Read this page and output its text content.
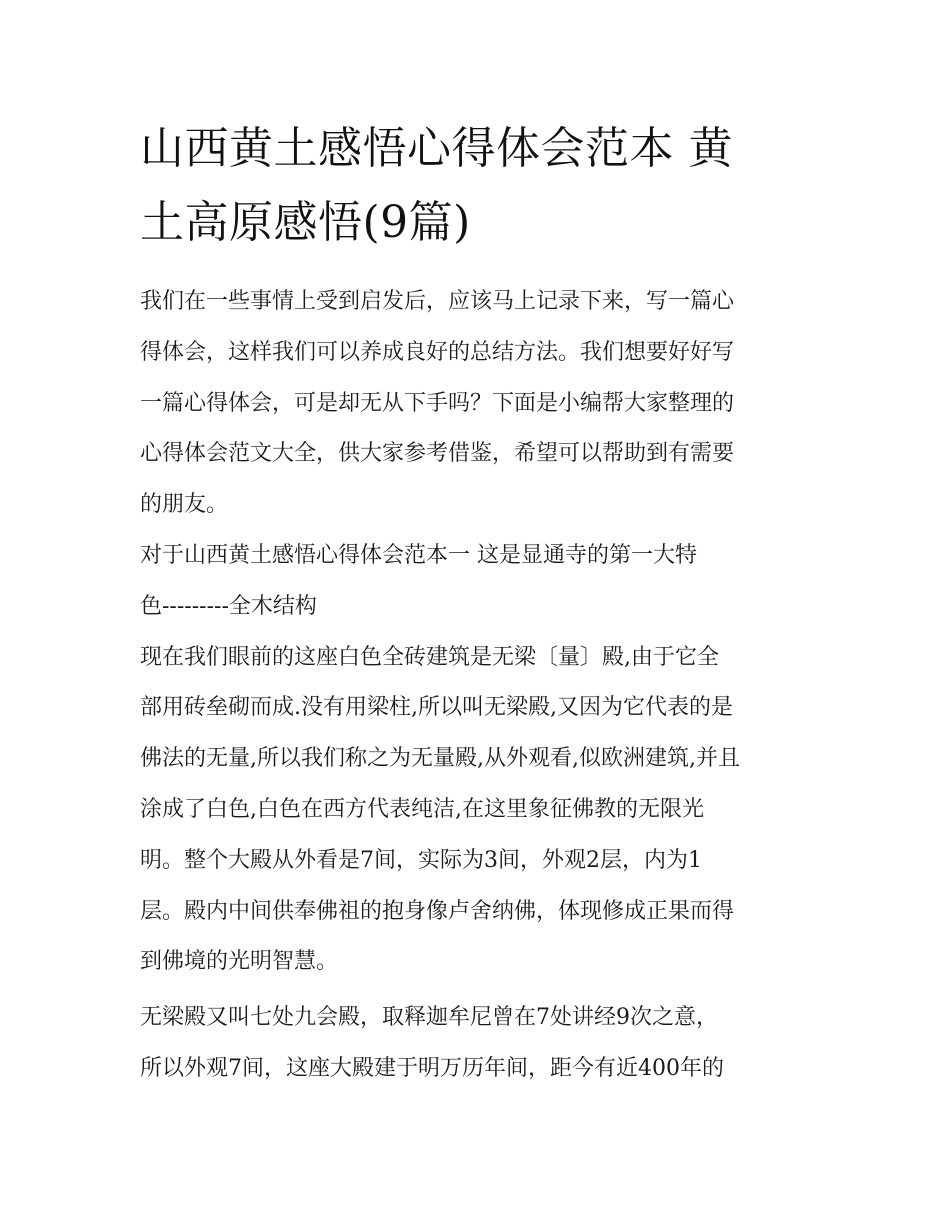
山西黄土感悟心得体会范本 黄
土高原感悟(9篇)
我们在一些事情上受到启发后，应该马上记录下来，写一篇心
得体会，这样我们可以养成良好的总结方法。我们想要好好写
一篇心得体会，可是却无从下手吗？下面是小编帮大家整理的
心得体会范文大全，供大家参考借鉴，希望可以帮助到有需要
的朋友。
对于山西黄土感悟心得体会范本一 这是显通寺的第一大特
色---------全木结构
现在我们眼前的这座白色全砖建筑是无梁〔量〕殿,由于它全
部用砖垒砌而成.没有用梁柱,所以叫无梁殿,又因为它代表的是
佛法的无量,所以我们称之为无量殿,从外观看,似欧洲建筑,并且
涂成了白色,白色在西方代表纯洁,在这里象征佛教的无限光
明。整个大殿从外看是7间，实际为3间，外观2层，内为1
层。殿内中间供奉佛祖的抱身像卢舍纳佛，体现修成正果而得
到佛境的光明智慧。
无梁殿又叫七处九会殿，取释迦牟尼曾在7处讲经9次之意，
所以外观7间，这座大殿建于明万历年间，距今有近400年的
